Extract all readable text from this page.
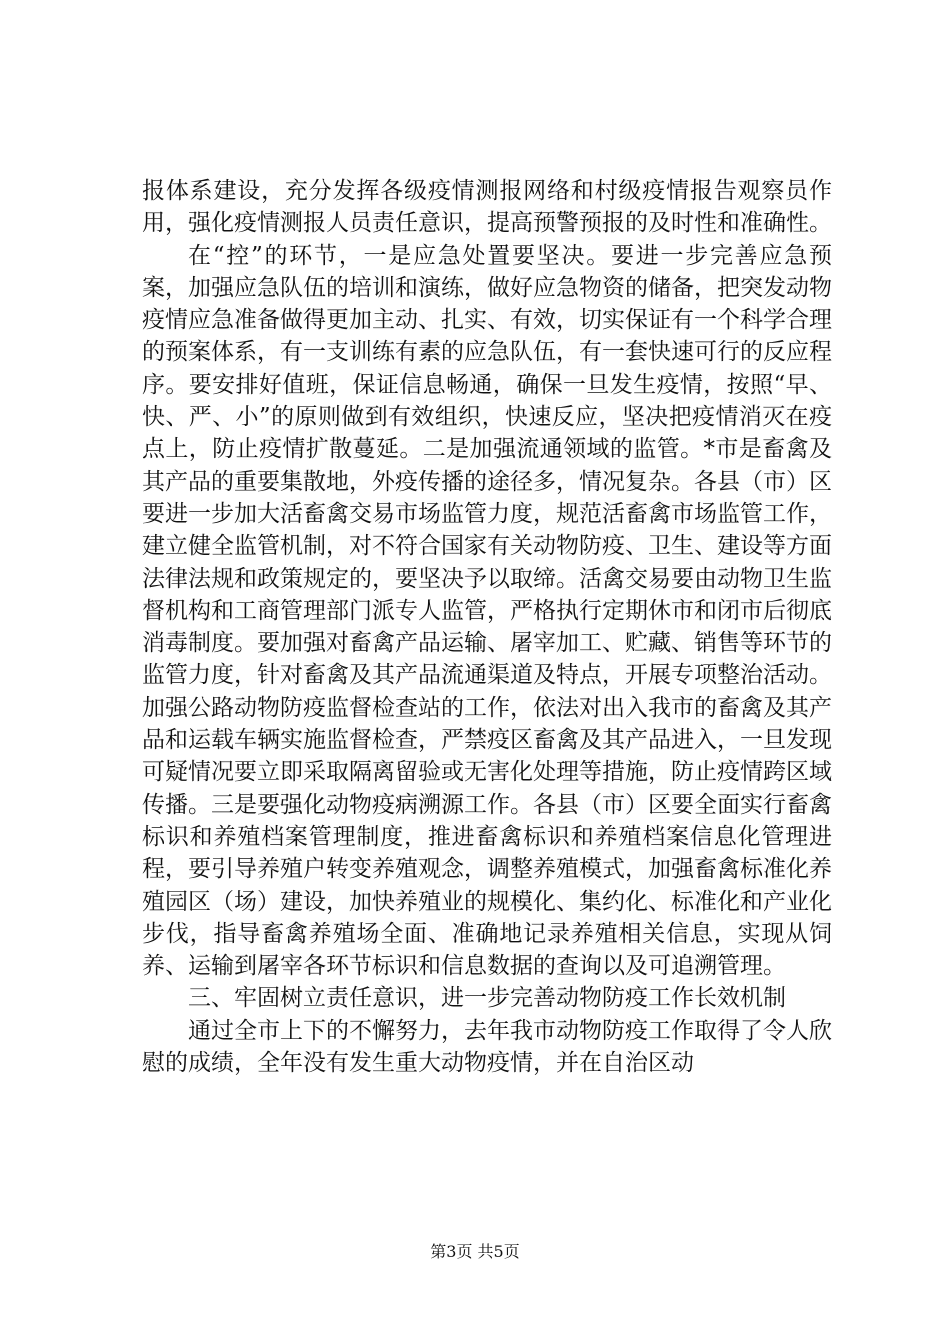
报体系建设，充分发挥各级疫情测报网络和村级疫情报告观察员作用，强化疫情测报人员责任意识，提高预警预报的及时性和准确性。

在“控”的环节，一是应急处置要坚决。要进一步完善应急预案，加强应急队伍的培训和演练，做好应急物资的储备，把突发动物疫情应急准备做得更加主动、扎实、有效，切实保证有一个科学合理的预案体系，有一支训练有素的应急队伍，有一套快速可行的反应程序。要安排好值班，保证信息畅通，确保一旦发生疫情，按照“早、快、严、小”的原则做到有效组织，快速反应，坚决把疫情消灭在疫点上，防止疫情扩散蔓延。二是加强流通领域的监管。*市是畜禽及其产品的重要集散地，外疫传播的途径多，情况复杂。各县（市）区要进一步加大活畜禽交易市场监管力度，规范活畜禽市场监管工作，建立健全监管机制，对不符合国家有关动物防疫、卫生、建设等方面法律法规和政策规定的，要坚决予以取缔。活禽交易要由动物卫生监督机构和工商管理部门派专人监管，严格执行定期休市和闭市后彻底消毒制度。要加强对畜禽产品运输、屠宰加工、贮藏、销售等环节的监管力度，针对畜禽及其产品流通渠道及特点，开展专项整治活动。加强公路动物防疫监督检查站的工作，依法对出入我市的畜禽及其产品和运载车辆实施监督检查，严禁疫区畜禽及其产品进入，一旦发现可疑情况要立即采取隔离留验或无害化处理等措施，防止疫情跨区域传播。三是要强化动物疫病溯源工作。各县（市）区要全面实行畜禽标识和养殖档案管理制度，推进畜禽标识和养殖档案信息化管理进程，要引导养殖户转变养殖观念，调整养殖模式，加强畜禽标准化养殖园区（场）建设，加快养殖业的规模化、集约化、标准化和产业化步伐，指导畜禽养殖场全面、准确地记录养殖相关信息，实现从饲养、运输到屠宰各环节标识和信息数据的查询以及可追溯管理。

三、牢固树立责任意识，进一步完善动物防疫工作长效机制

通过全市上下的不懈努力，去年我市动物防疫工作取得了令人欣慰的成绩，全年没有发生重大动物疫情，并在自治区动

第3页 共5页
